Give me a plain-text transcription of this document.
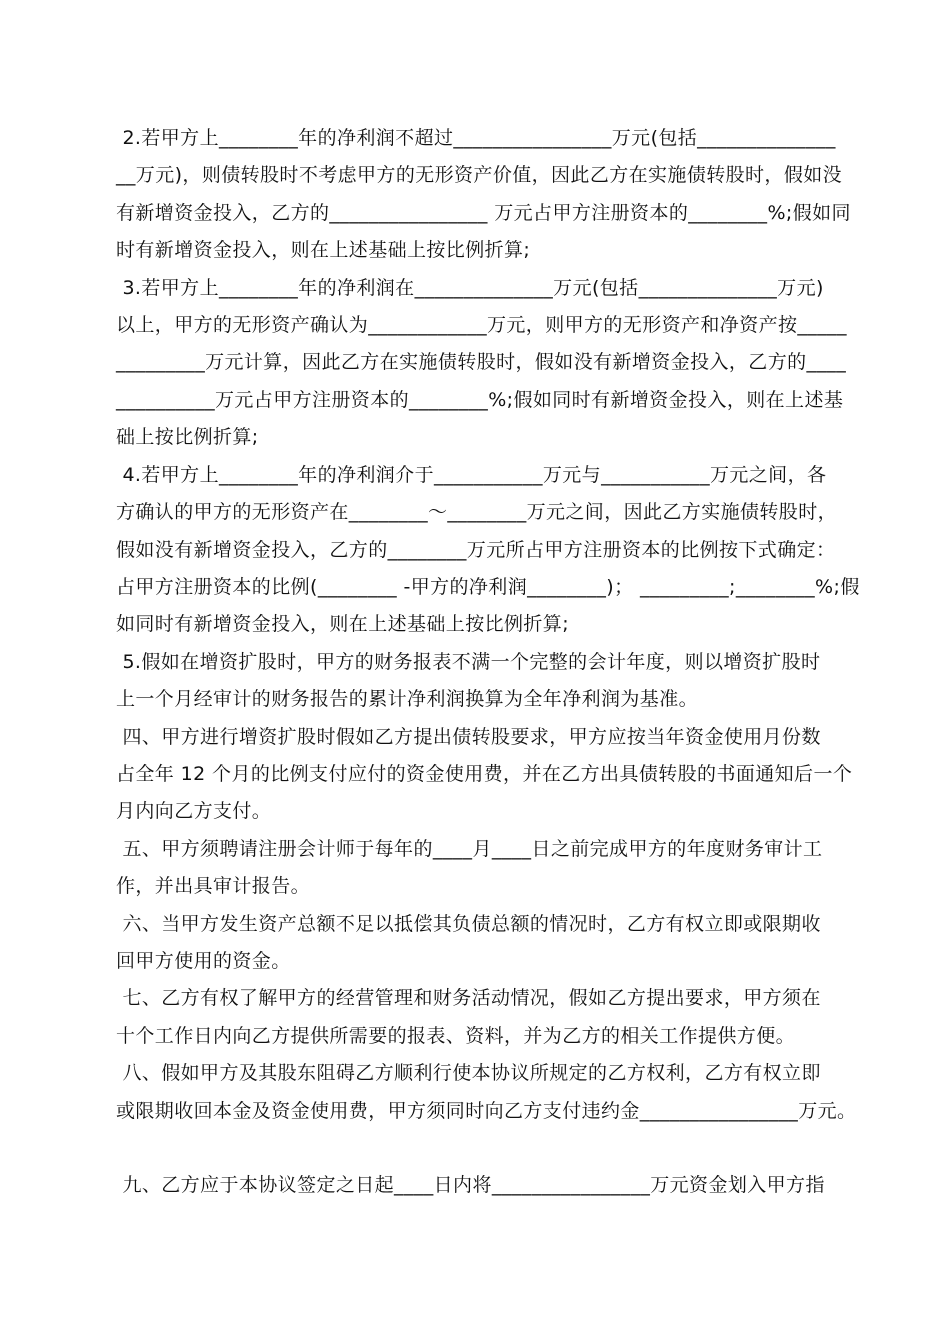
2.若甲方上________年的净利润不超过________________万元(包括______________
__万元)，则债转股时不考虑甲方的无形资产价值，因此乙方在实施债转股时，假如没
有新增资金投入，乙方的________________ 万元占甲方注册资本的________%;假如同
时有新增资金投入，则在上述基础上按比例折算;
3.若甲方上________年的净利润在______________万元(包括______________万元)
以上，甲方的无形资产确认为____________万元，则甲方的无形资产和净资产按_____
_________万元计算，因此乙方在实施债转股时，假如没有新增资金投入，乙方的____
__________万元占甲方注册资本的________%;假如同时有新增资金投入，则在上述基
础上按比例折算;
4.若甲方上________年的净利润介于___________万元与___________万元之间，各
方确认的甲方的无形资产在________～________万元之间，因此乙方实施债转股时，
假如没有新增资金投入，乙方的________万元所占甲方注册资本的比例按下式确定：
占甲方注册资本的比例(________ -甲方的净利润________)； _________;________%;假
如同时有新增资金投入，则在上述基础上按比例折算;
5.假如在增资扩股时，甲方的财务报表不满一个完整的会计年度，则以增资扩股时
上一个月经审计的财务报告的累计净利润换算为全年净利润为基准。
四、甲方进行增资扩股时假如乙方提出债转股要求，甲方应按当年资金使用月份数
占全年 12 个月的比例支付应付的资金使用费，并在乙方出具债转股的书面通知后一个
月内向乙方支付。
五、甲方须聘请注册会计师于每年的____月____日之前完成甲方的年度财务审计工
作，并出具审计报告。
六、当甲方发生资产总额不足以抵偿其负债总额的情况时，乙方有权立即或限期收
回甲方使用的资金。
七、乙方有权了解甲方的经营管理和财务活动情况，假如乙方提出要求，甲方须在
十个工作日内向乙方提供所需要的报表、资料，并为乙方的相关工作提供方便。
八、假如甲方及其股东阻碍乙方顺利行使本协议所规定的乙方权利，乙方有权立即
或限期收回本金及资金使用费，甲方须同时向乙方支付违约金________________万元。
九、乙方应于本协议签定之日起____日内将________________万元资金划入甲方指
